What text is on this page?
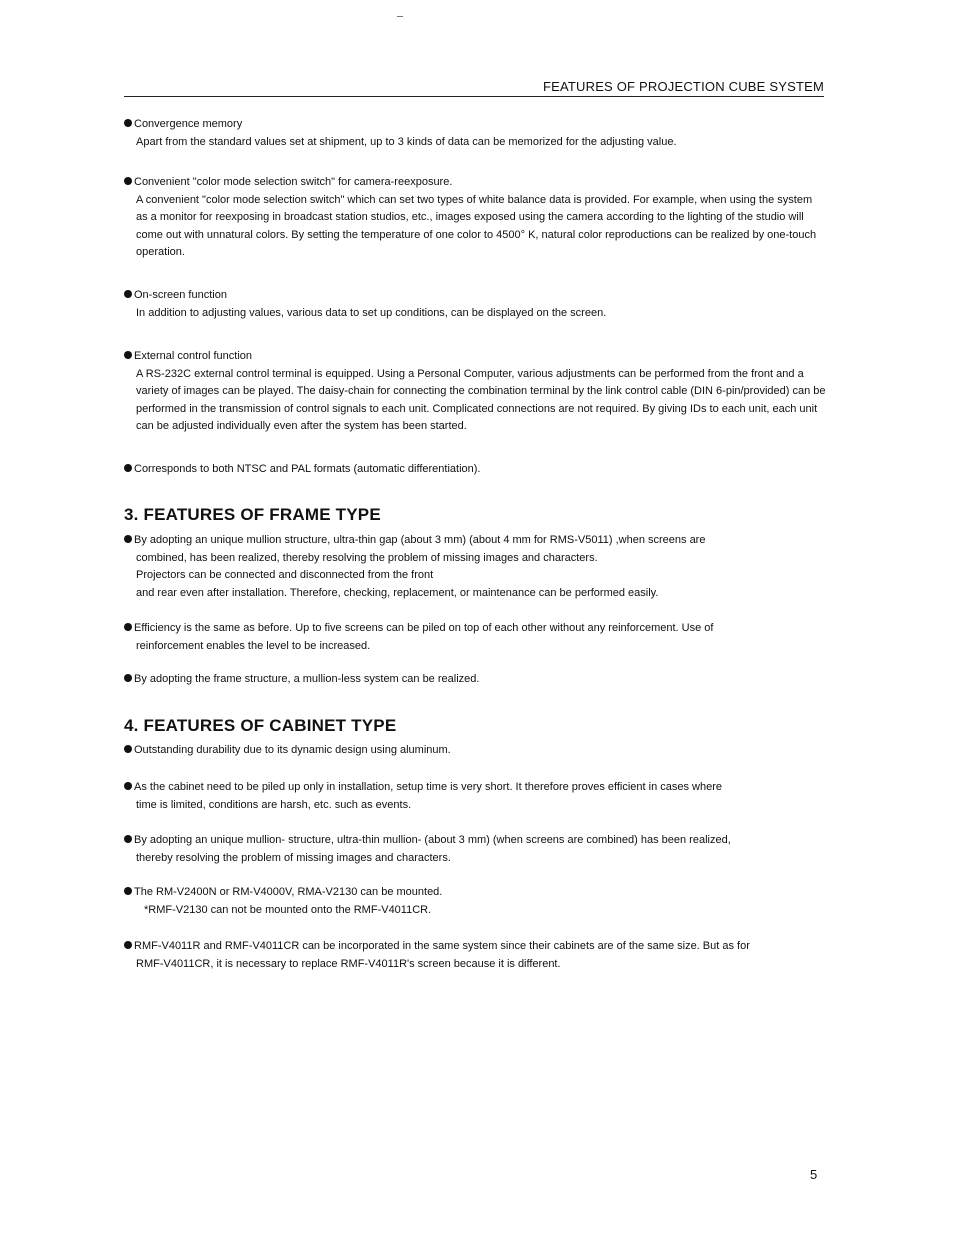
FEATURES OF PROJECTION CUBE SYSTEM
Convergence memory
Apart from the standard values set at shipment, up to 3 kinds of data can be memorized for the adjusting value.
Convenient "color mode selection switch" for camera-reexposure.
A convenient "color mode selection switch" which can set two types of white balance data is provided. For example, when using the system as a monitor for reexposing in broadcast station studios, etc., images exposed using the camera according to the lighting of the studio will come out with unnatural colors. By setting the temperature of one color to 4500° K, natural color reproductions can be realized by one-touch operation.
On-screen function
In addition to adjusting values, various data to set up conditions, can be displayed on the screen.
External control function
A RS-232C external control terminal is equipped. Using a Personal Computer, various adjustments can be performed from the front and a variety of images can be played. The daisy-chain for connecting the combination terminal by the link control cable (DIN 6-pin/provided) can be performed in the transmission of control signals to each unit. Complicated connections are not required. By giving IDs to each unit, each unit can be adjusted individually even after the system has been started.
Corresponds to both NTSC and PAL formats (automatic differentiation).
3. FEATURES OF FRAME TYPE
By adopting an unique mullion structure, ultra-thin gap (about 3 mm) (about 4 mm for RMS-V5011) ,when screens are
combined, has been realized, thereby resolving the problem of missing images and characters.
Projectors can be connected and disconnected from the front
and rear even after installation. Therefore, checking, replacement, or maintenance can be performed easily.
Efficiency is the same as before. Up to five screens can be piled on top of each other without any reinforcement. Use of
reinforcement enables the level to be increased.
By adopting the frame structure, a mullion-less system can be realized.
4. FEATURES OF CABINET TYPE
Outstanding durability due to its dynamic design using aluminum.
As the cabinet need to be piled up only in installation, setup time is very short. It therefore proves efficient in cases where
time is limited, conditions are harsh, etc. such as events.
By adopting an unique mullion- structure, ultra-thin mullion- (about 3 mm) (when screens are combined) has been realized,
thereby resolving the problem of missing images and characters.
The RM-V2400N or RM-V4000V, RMA-V2130 can be mounted.
*RMF-V2130 can not be mounted onto the RMF-V4011CR.
RMF-V4011R and RMF-V4011CR can be incorporated in the same system since their cabinets are of the same size. But as for
RMF-V4011CR, it is necessary to replace RMF-V4011R's screen because it is different.
5
